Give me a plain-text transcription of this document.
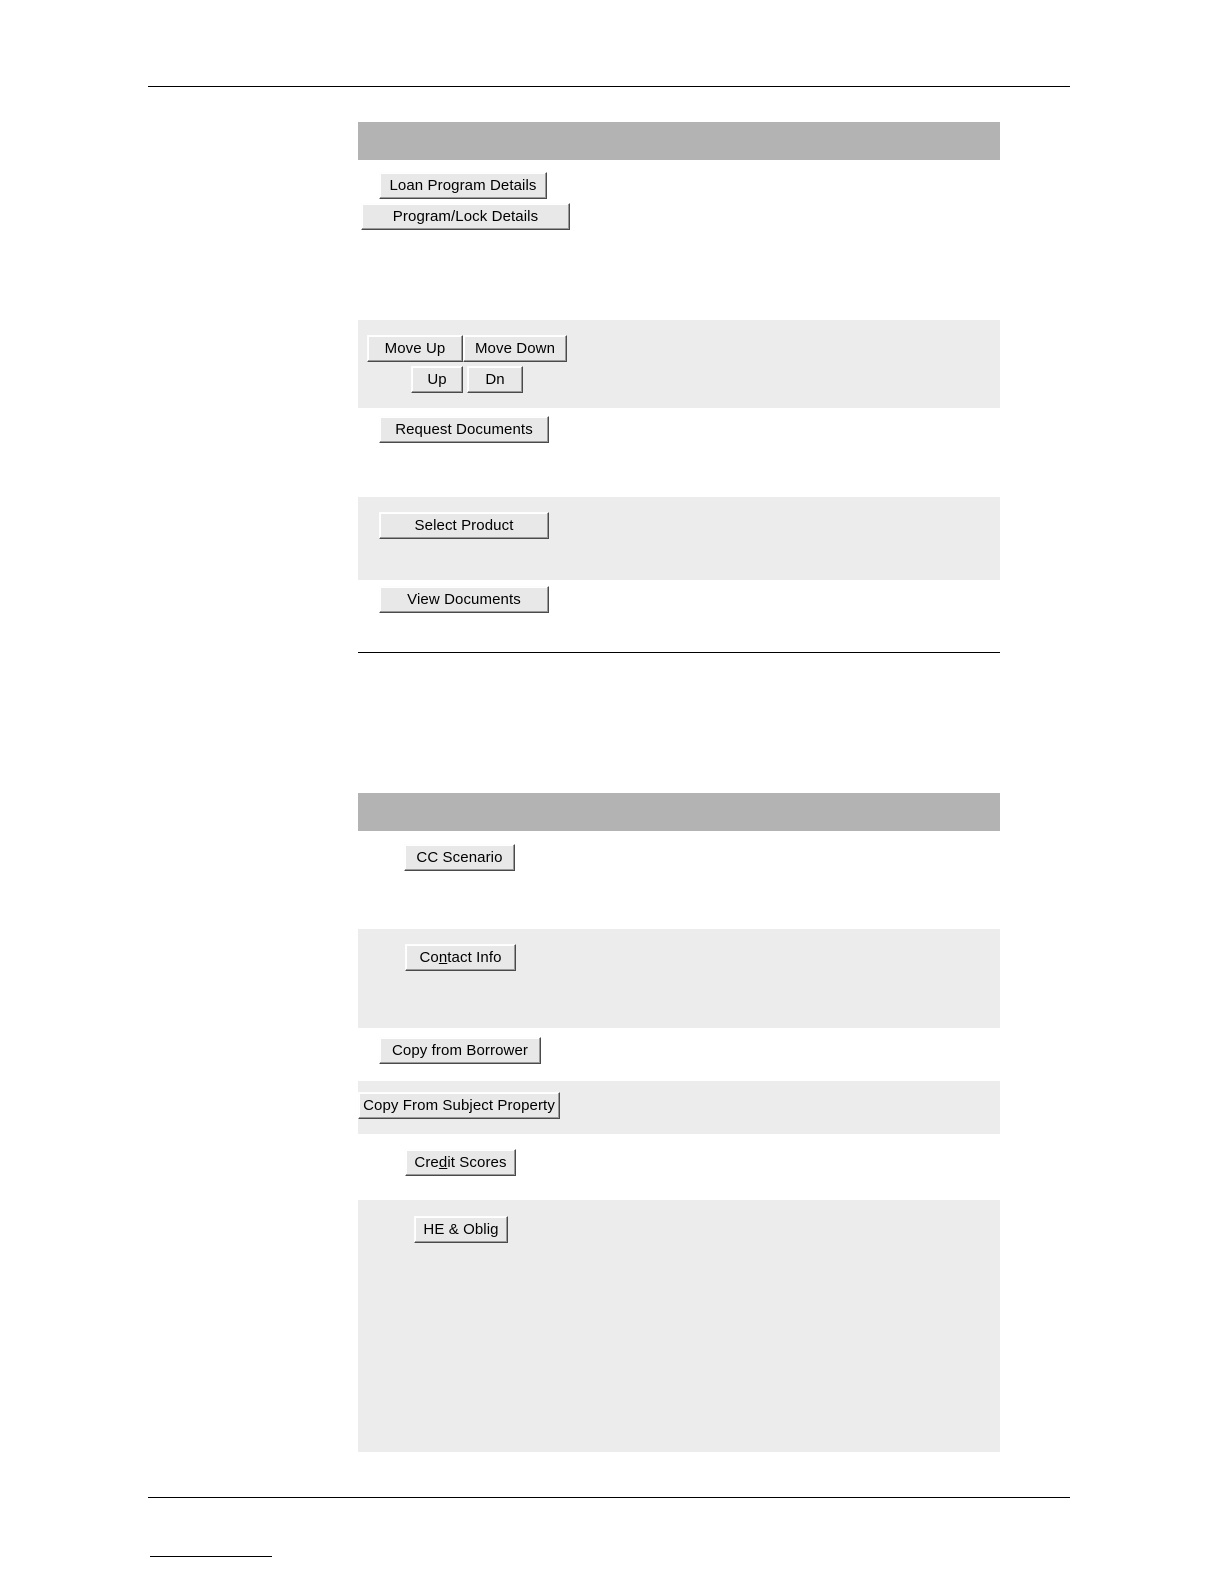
Loan Program Details
Program/Lock Details
Move Up Move Down
Up	Dn
Request Documents
Select Product
View Documents
CC Scenario
Contact Info
Copy from Borrower
Copy From Subject Property
Credit Scores
HE & Oblig
